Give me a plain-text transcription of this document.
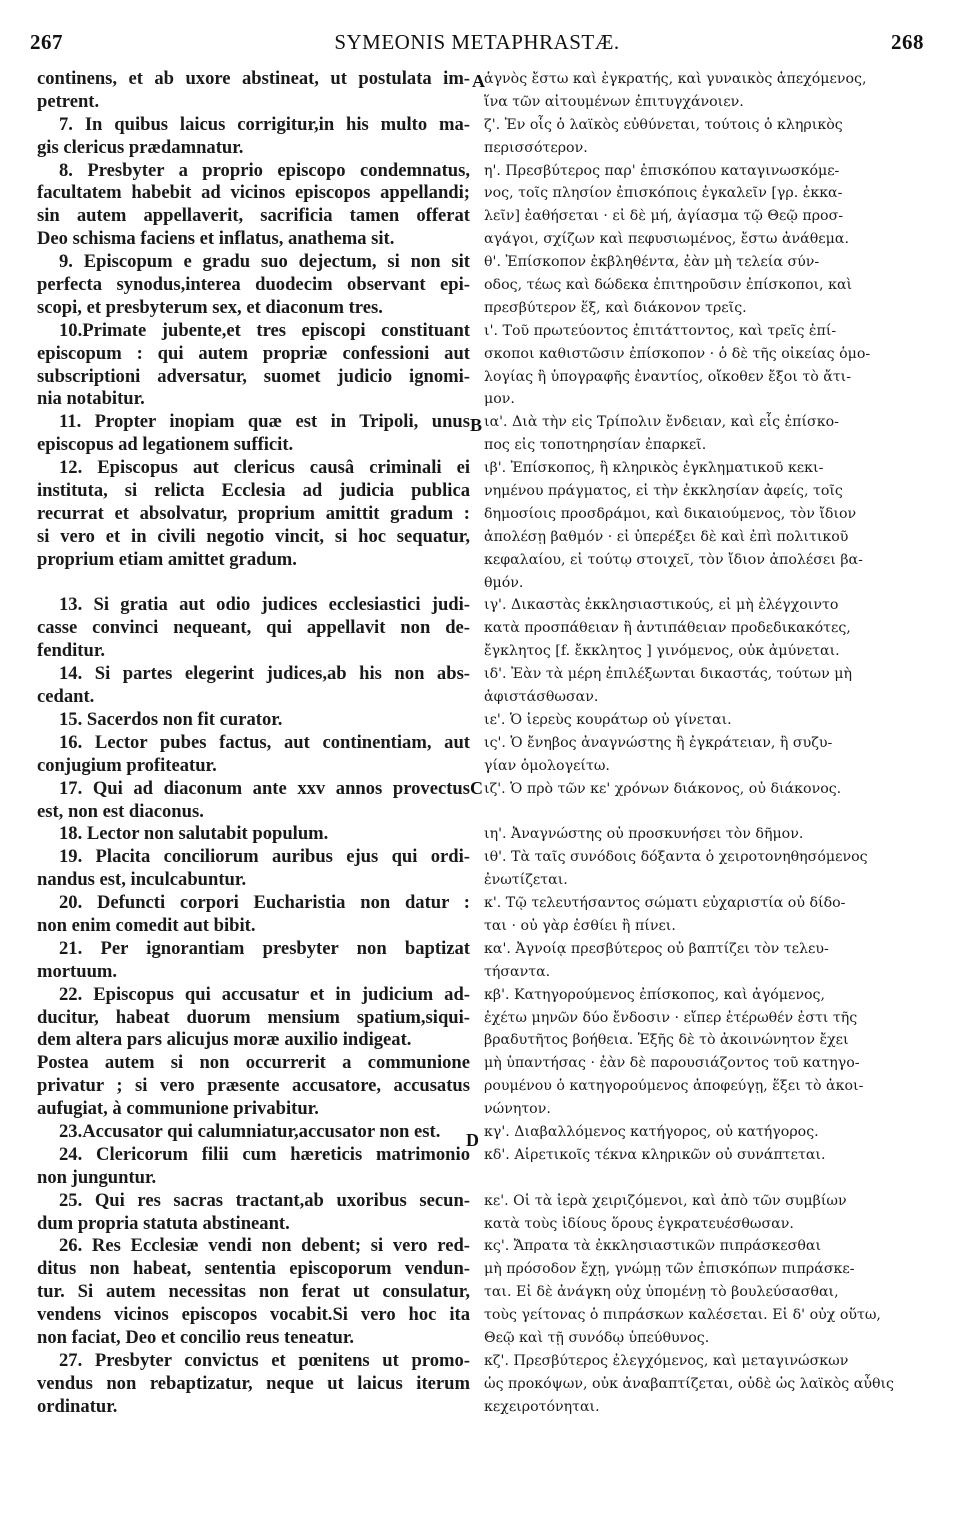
267	SYMEONIS METAPHRASTÆ.	268
continens, et ab uxore abstineat, ut postulata im-
petrent.
7. In quibus laicus corrigitur,in his multo ma-
gis clericus prædamnatur.
8. Presbyter a proprio episcopo condemnatus,
facultatem habebit ad vicinos episcopos appellandi;
sin autem appellaverit, sacrificia tamen offerat
Deo schisma faciens et inflatus, anathema sit.
9. Episcopum e gradu suo dejectum, si non sit
perfecta synodus,interea duodecim observant epi-
scopi, et presbyterum sex, et diaconum tres.
10.Primate jubente,et tres episcopi constituant
episcopum : qui autem propriæ confessioni aut
subscriptioni adversatur, suomet judicio ignomi-
nia notabitur.
11. Propter inopiam quæ est in Tripoli, unus
episcopus ad legationem sufficit.
12. Episcopus aut clericus causâ criminali ei
instituta, si relicta Ecclesia ad judicia publica
recurrat et absolvatur, proprium amittit gradum :
si vero et in civili negotio vincit, si hoc sequatur,
proprium etiam amittet gradum.
13. Si gratia aut odio judices ecclesiastici judi-
casse convinci nequeant, qui appellavit non de-
fenditur.
14. Si partes elegerint judices,ab his non abs-
cedant.
15. Sacerdos non fit curator.
16. Lector pubes factus, aut continentiam, aut
conjugium profiteatur.
17. Qui ad diaconum ante xxv annos provectus
est, non est diaconus.
18. Lector non salutabit populum.
19. Placita conciliorum auribus ejus qui ordi-
nandus est, inculcabuntur.
20. Defuncti corpori Eucharistia non datur :
non enim comedit aut bibit.
21. Per ignorantiam presbyter non baptizat
mortuum.
22. Episcopus qui accusatur et in judicium ad-
ducitur, habeat duorum mensium spatium,siqui-
dem altera pars alicujus moræ auxilio indigeat.
Postea autem si non occurrerit a communione
privatur ; si vero præsente accusatore, accusatus
aufugiat, à communione privabitur.
23.Accusator qui calumniatur,accusator non est.
24. Clericorum filii cum hæreticis matrimonio
non junguntur.
25. Qui res sacras tractant,ab uxoribus secun-
dum propria statuta abstineant.
26. Res Ecclesiæ vendi non debent; si vero red-
ditus non habeat, sententia episcoporum vendun-
tur. Si autem necessitas non ferat ut consulatur,
vendens vicinos episcopos vocabit.Si vero hoc ita
non faciat, Deo et concilio reus teneatur.
27. Presbyter convictus et pœnitens ut promo-
vendus non rebaptizatur, neque ut laicus iterum
ordinatur.
ἁγνὸς ἔστω καὶ ἐγκρατής, καὶ γυναικὸς ἀπεχόμενος,
ἵνα τῶν αἰτουμένων ἐπιτυγχάνοιεν.
ζ'. Ἐν οἷς ὁ λαϊκὸς εὐθύνεται, τούτοις ὁ κληρικὸς
περισσότερον.
η'. Πρεσβύτερος παρ' ἐπισκόπου καταγινωσκόμε-
νος, τοῖς πλησίον ἐπισκόποις ἐγκαλεῖν [γρ. ἐκκα-
λεῖν] ἐαθήσεται · εἰ δὲ μή, ἁγίασμα τῷ Θεῷ προσ-
αγάγοι, σχίζων καὶ πεφυσιωμένος, ἔστω ἀνάθεμα.
θ'. Ἐπίσκοπον ἐκβληθέντα, ἐὰν μὴ τελεία σύν-
οδος, τέως καὶ δώδεκα ἐπιτηροῦσιν ἐπίσκοποι, καὶ
πρεσβύτερον ἕξ, καὶ διάκονον τρεῖς.
ι'. Τοῦ πρωτεύοντος ἐπιτάττοντος, καὶ τρεῖς ἐπί-
σκοποι καθιστῶσιν ἐπίσκοπον · ὁ δὲ τῆς οἰκείας ὁμο-
λογίας ἢ ὑπογραφῆς ἐναντίος, οἴκοθεν ἔξοι τὸ ἄτι-
μον.
ια'. Διὰ τὴν εἰς Τρίπολιν ἔνδειαν, καὶ εἷς ἐπίσκο-
πος εἰς τοποτηρησίαν ἐπαρκεῖ.
ιβ'. Ἐπίσκοπος, ἢ κληρικὸς ἐγκληματικοῦ κεκι-
νημένου πράγματος, εἰ τὴν ἐκκλησίαν ἀφείς, τοῖς
δημοσίοις προσδράμοι, καὶ δικαιούμενος, τὸν ἴδιον
ἀπολέσῃ βαθμόν · εἰ ὑπερέξει δὲ καὶ ἐπὶ πολιτικοῦ
κεφαλαίου, εἰ τούτῳ στοιχεῖ, τὸν ἴδιον ἀπολέσει βα-
θμόν.
ιγ'. Δικαστὰς ἐκκλησιαστικούς, εἰ μὴ ἐλέγχοιντο
κατὰ προσπάθειαν ἢ ἀντιπάθειαν προδεδικακότες,
ἔγκλητος [f. ἔκκλητος ] γινόμενος, οὐκ ἀμύνεται.
ιδ'. Ἐὰν τὰ μέρη ἐπιλέξωνται δικαστάς, τούτων μὴ
ἀφιστάσθωσαν.
ιε'. Ὁ ἱερεὺς κουράτωρ οὐ γίνεται.
ις'. Ὁ ἔνηβος ἀναγνώστης ἢ ἐγκράτειαν, ἢ συζυ-
γίαν ὁμολογείτω.
ιζ'. Ὁ πρὸ τῶν κε' χρόνων διάκονος, οὐ διάκονος.
ιη'. Ἀναγνώστης οὐ προσκυνήσει τὸν δῆμον.
ιθ'. Τὰ ταῖς συνόδοις δόξαντα ὁ χειροτονηθησόμενος
ἐνωτίζεται.
κ'. Τῷ τελευτήσαντος σώματι εὐχαριστία οὐ δίδο-
ται · οὐ γὰρ ἐσθίει ἢ πίνει.
κα'. Ἀγνοίᾳ πρεσβύτερος οὐ βαπτίζει τὸν τελευ-
τήσαντα.
κβ'. Κατηγορούμενος ἐπίσκοπος, καὶ ἀγόμενος,
ἐχέτω μηνῶν δύο ἔνδοσιν · εἴπερ ἑτέρωθέν ἐστι τῆς
βραδυτῆτος βοήθεια. Ἑξῆς δὲ τὸ ἀκοινώνητον ἔχει
μὴ ὑπαντήσας · ἐὰν δὲ παρουσιάζοντος τοῦ κατηγο-
ρουμένου ὁ κατηγορούμενος ἀποφεύγῃ, ἕξει τὸ ἀκοι-
νώνητον.
κγ'. Διαβαλλόμενος κατήγορος, οὐ κατήγορος.
κδ'. Αἱρετικοῖς τέκνα κληρικῶν οὐ συνάπτεται.
κε'. Οἱ τὰ ἱερὰ χειριζόμενοι, καὶ ἀπὸ τῶν συμβίων
κατὰ τοὺς ἰδίους ὅρους ἐγκρατευέσθωσαν.
κς'. Ἄπρατα τὰ ἐκκλησιαστικῶν πιπράσκεσθαι
μὴ πρόσοδον ἔχῃ, γνώμῃ τῶν ἐπισκόπων πιπράσκε-
ται. Εἰ δὲ ἀνάγκη οὐχ ὑπομένῃ τὸ βουλεύσασθαι,
τοὺς γείτονας ὁ πιπράσκων καλέσεται. Εἰ δ' οὐχ οὕτω,
Θεῷ καὶ τῇ συνόδῳ ὑπεύθυνος.
κζ'. Πρεσβύτερος ἐλεγχόμενος, καὶ μεταγινώσκων
ὡς προκόψων, οὐκ ἀναβαπτίζεται, οὐδὲ ὡς λαϊκὸς αὖθις
κεχειροτόνηται.
A
B
C
D
